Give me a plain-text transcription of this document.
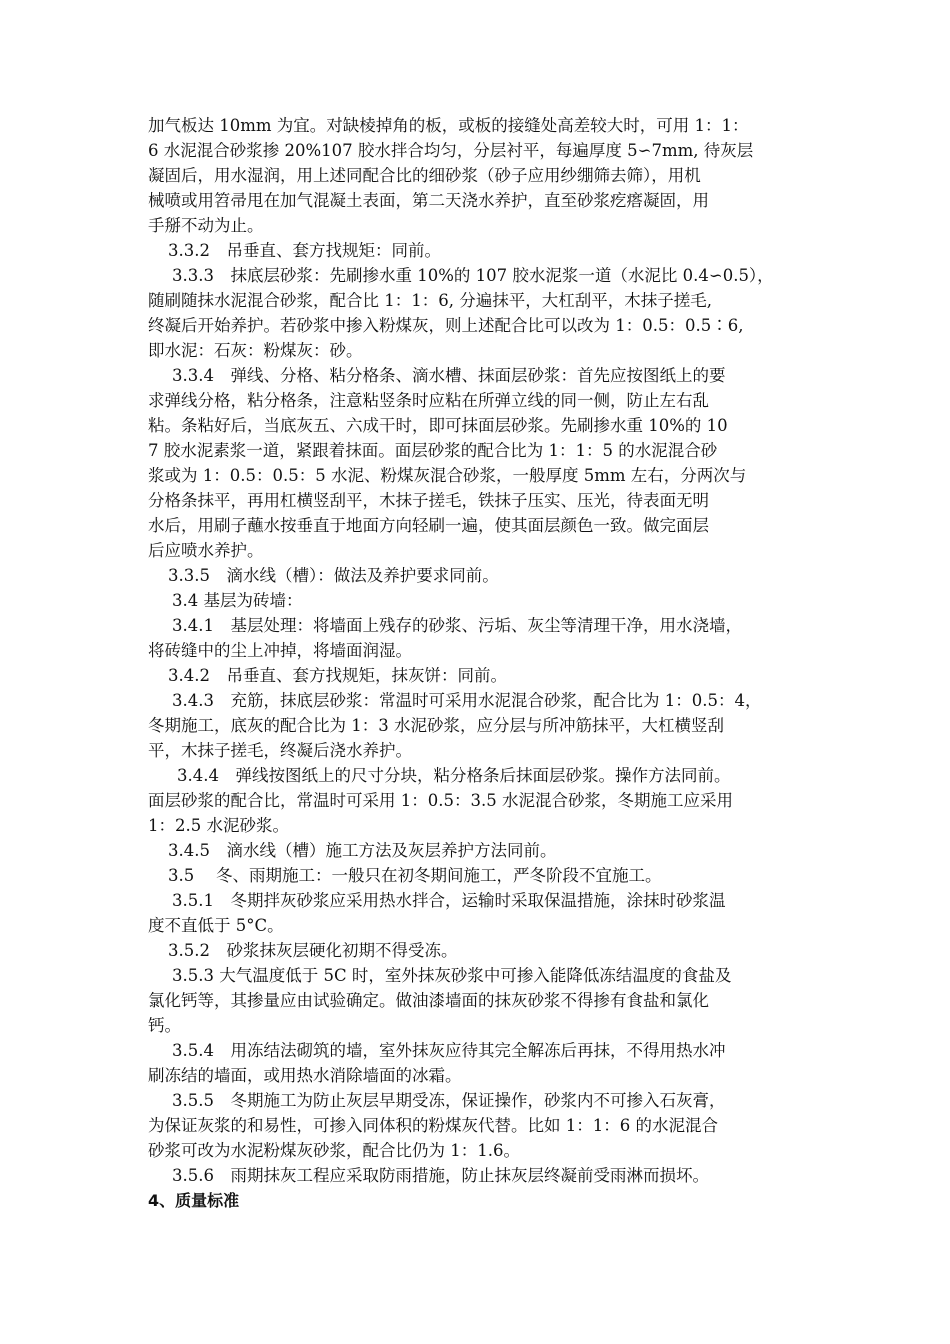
加气板达 10mm 为宜。对缺棱掉角的板，或板的接缝处高差较大时，可用 1：1：
6 水泥混合砂浆掺 20%107 胶水拌合均匀，分层衬平，每遍厚度 5∽7mm, 待灰层
凝固后，用水湿润，用上述同配合比的细砂浆（砂子应用纱绷筛去筛），用机
械喷或用笤帚甩在加气混凝土表面，第二天浇水养护，直至砂浆疙瘩凝固，用
手掰不动为止。
3.3.2　吊垂直、套方找规矩：同前。
3.3.3　抹底层砂浆：先刷掺水重 10%的 107 胶水泥浆一道（水泥比 0.4∽0.5），
随刷随抹水泥混合砂浆，配合比 1：1：6, 分遍抹平，大杠刮平，木抹子搓毛,
终凝后开始养护。若砂浆中掺入粉煤灰，则上述配合比可以改为 1：0.5：0.5∶6,
即水泥：石灰：粉煤灰：砂。
3.3.4　弹线、分格、粘分格条、滴水槽、抹面层砂浆：首先应按图纸上的要
求弹线分格，粘分格条，注意粘竖条时应粘在所弹立线的同一侧，防止左右乱
粘。条粘好后，当底灰五、六成干时，即可抹面层砂浆。先刷掺水重 10%的 10
7 胶水泥素浆一道，紧跟着抹面。面层砂浆的配合比为 1：1：5 的水泥混合砂
浆或为 1：0.5：0.5：5 水泥、粉煤灰混合砂浆，一般厚度 5mm 左右，分两次与
分格条抹平，再用杠横竖刮平，木抹子搓毛，铁抹子压实、压光，待表面无明
水后，用刷子蘸水按垂直于地面方向轻刷一遍，使其面层颜色一致。做完面层
后应喷水养护。
3.3.5　滴水线（槽）：做法及养护要求同前。
3.4 基层为砖墙：
3.4.1　基层处理：将墙面上残存的砂浆、污垢、灰尘等清理干净，用水浇墙，
将砖缝中的尘上冲掉，将墙面润湿。
3.4.2　吊垂直、套方找规矩，抹灰饼：同前。
3.4.3　充筋，抹底层砂浆：常温时可采用水泥混合砂浆，配合比为 1：0.5：4，
冬期施工，底灰的配合比为 1：3 水泥砂浆，应分层与所冲筋抹平，大杠横竖刮
平，木抹子搓毛，终凝后浇水养护。
3.4.4　弹线按图纸上的尺寸分块，粘分格条后抹面层砂浆。操作方法同前。
面层砂浆的配合比，常温时可采用 1：0.5：3.5 水泥混合砂浆，冬期施工应采用
1：2.5 水泥砂浆。
3.4.5　滴水线（槽）施工方法及灰层养护方法同前。
3.5　 冬、雨期施工：一般只在初冬期间施工，严冬阶段不宜施工。
3.5.1　冬期拌灰砂浆应采用热水拌合，运输时采取保温措施，涂抹时砂浆温
度不直低于 5°C。
3.5.2　砂浆抹灰层硬化初期不得受冻。
3.5.3 大气温度低于 5C 时，室外抹灰砂浆中可掺入能降低冻结温度的食盐及
氯化钙等，其掺量应由试验确定。做油漆墙面的抹灰砂浆不得掺有食盐和氯化
钙。
3.5.4　用冻结法砌筑的墙，室外抹灰应待其完全解冻后再抹，不得用热水冲
刷冻结的墙面，或用热水消除墙面的冰霜。
3.5.5　冬期施工为防止灰层早期受冻，保证操作，砂浆内不可掺入石灰膏，
为保证灰浆的和易性，可掺入同体积的粉煤灰代替。比如 1：1：6 的水泥混合
砂浆可改为水泥粉煤灰砂浆，配合比仍为 1：1.6。
3.5.6　雨期抹灰工程应采取防雨措施，防止抹灰层终凝前受雨淋而损坏。
4、质量标准
